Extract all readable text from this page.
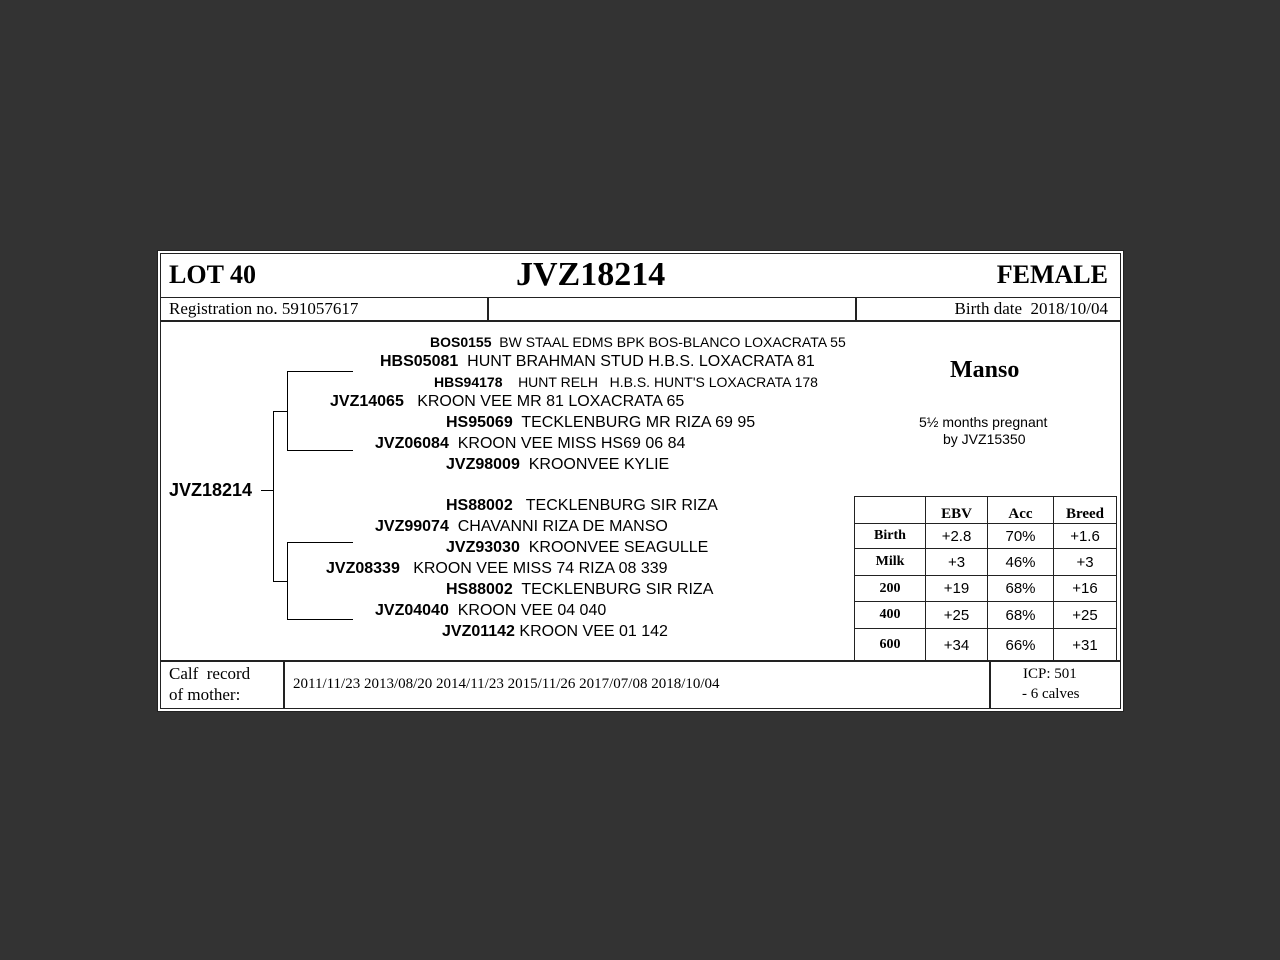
LOT 40	JVZ18214	FEMALE
Registration no. 591057617	Birth date  2018/10/04
JVZ18214
BOS0155 BW STAAL EDMS BPK BOS-BLANCO LOXACRATA 55
HBS05081 HUNT BRAHMAN STUD H.B.S. LOXACRATA 81
HBS94178 HUNT RELH   H.B.S. HUNT'S LOXACRATA 178
JVZ14065 KROON VEE MR 81 LOXACRATA 65
HS95069 TECKLENBURG MR RIZA 69 95
JVZ06084 KROON VEE MISS HS69 06 84
JVZ98009 KROONVEE KYLIE
HS88002 TECKLENBURG SIR RIZA
JVZ99074 CHAVANNI RIZA DE MANSO
JVZ93030 KROONVEE SEAGULLE
JVZ08339 KROON VEE MISS 74 RIZA 08 339
HS88002 TECKLENBURG SIR RIZA
JVZ04040 KROON VEE 04 040
JVZ01142 KROON VEE 01 142
Manso
5½ months pregnant
by JVZ15350
	EBV	Acc	Breed
Birth	+2.8	70%	+1.6
Milk	+3	46%	+3
200	+19	68%	+16
400	+25	68%	+25
600	+34	66%	+31
Calf  record
of mother:
2011/11/23 2013/08/20 2014/11/23 2015/11/26 2017/07/08 2018/10/04
ICP: 501
- 6 calves
